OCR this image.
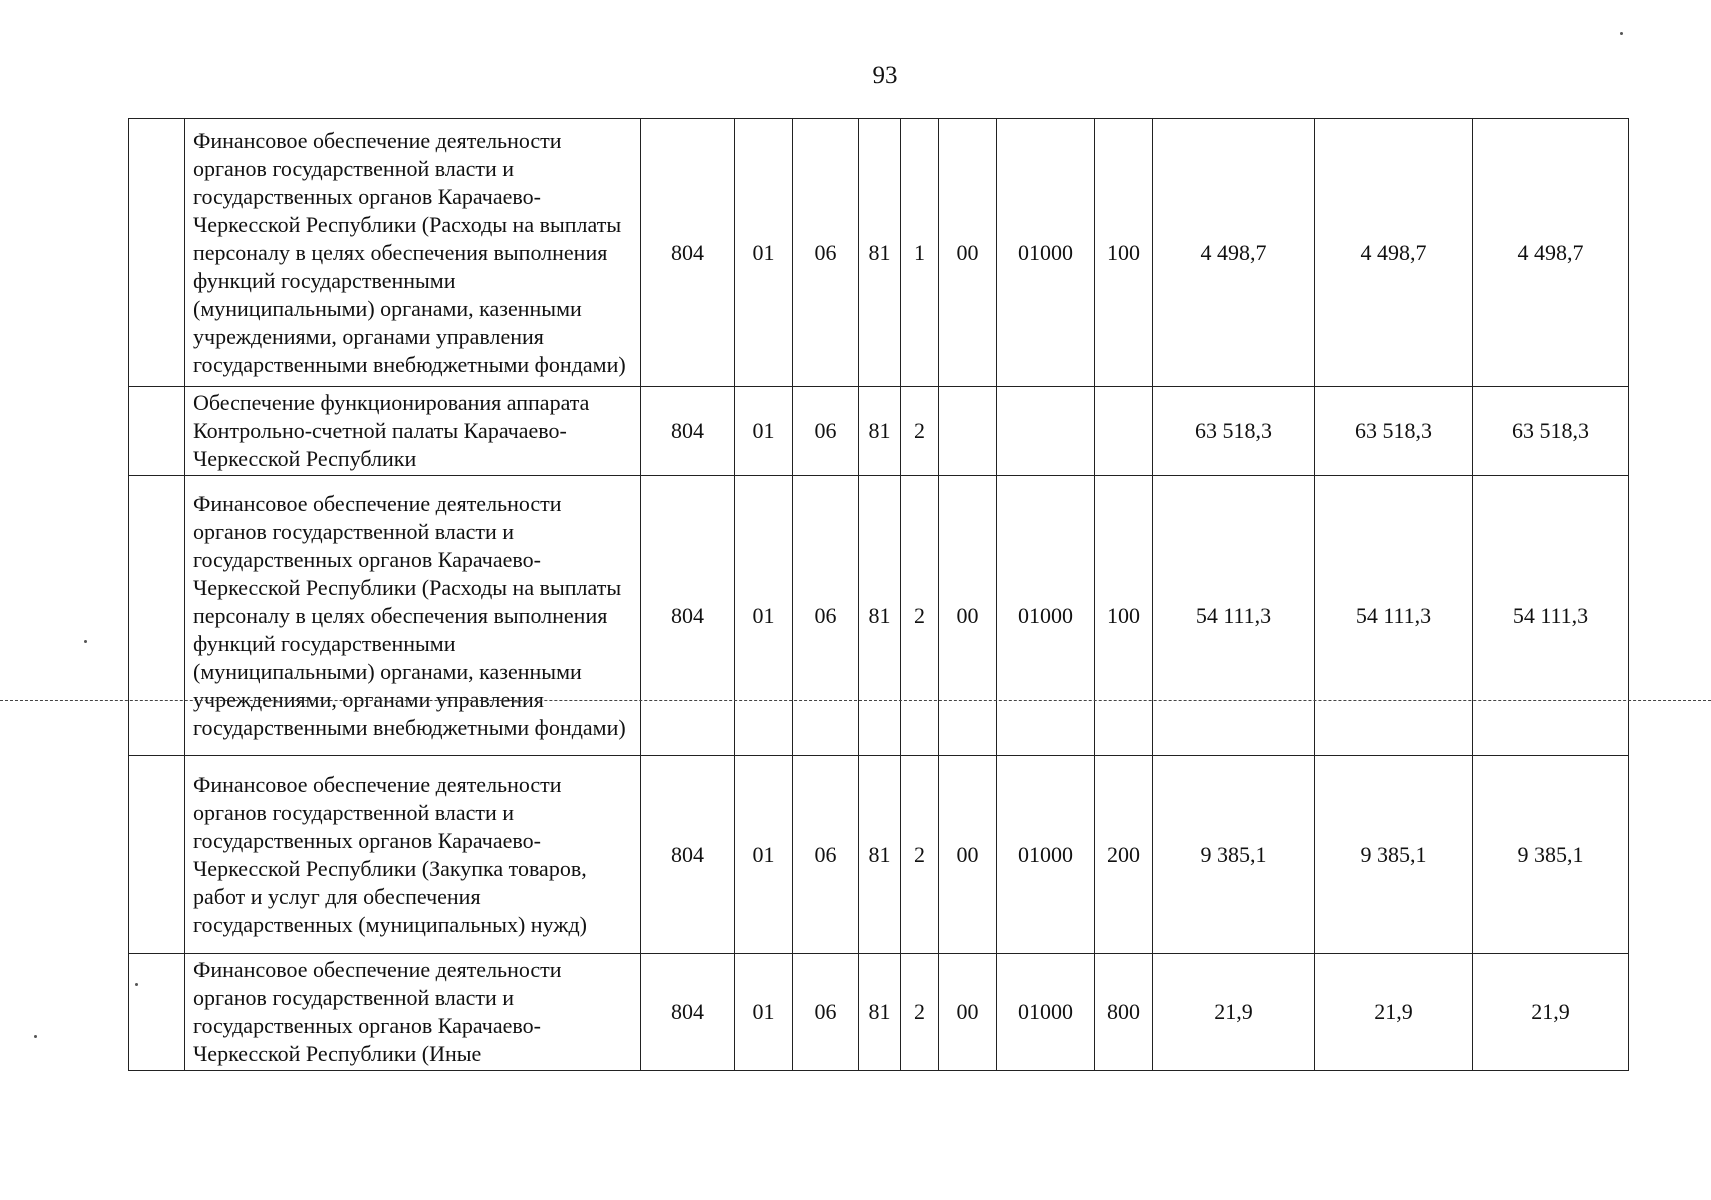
93
	Финансовое обеспечение деятельности органов государственной власти и государственных органов Карачаево-Черкесской Республики (Расходы на выплаты персоналу в целях обеспечения выполнения функций государственными (муниципальными) органами, казенными учреждениями, органами управления государственными внебюджетными фондами)	804	01	06	81	1	00	01000	100	4 498,7	4 498,7	4 498,7
	Обеспечение функционирования аппарата Контрольно-счетной палаты Карачаево-Черкесской Республики	804	01	06	81	2				63 518,3	63 518,3	63 518,3
	Финансовое обеспечение деятельности органов государственной власти и государственных органов Карачаево-Черкесской Республики (Расходы на выплаты персоналу в целях обеспечения выполнения функций государственными (муниципальными) органами, казенными учреждениями, органами управления государственными внебюджетными фондами)	804	01	06	81	2	00	01000	100	54 111,3	54 111,3	54 111,3
	Финансовое обеспечение деятельности органов государственной власти и государственных органов Карачаево-Черкесской Республики (Закупка товаров, работ и услуг для обеспечения государственных (муниципальных) нужд)	804	01	06	81	2	00	01000	200	9 385,1	9 385,1	9 385,1
	Финансовое обеспечение деятельности органов государственной власти и государственных органов Карачаево-Черкесской Республики (Иные	804	01	06	81	2	00	01000	800	21,9	21,9	21,9
